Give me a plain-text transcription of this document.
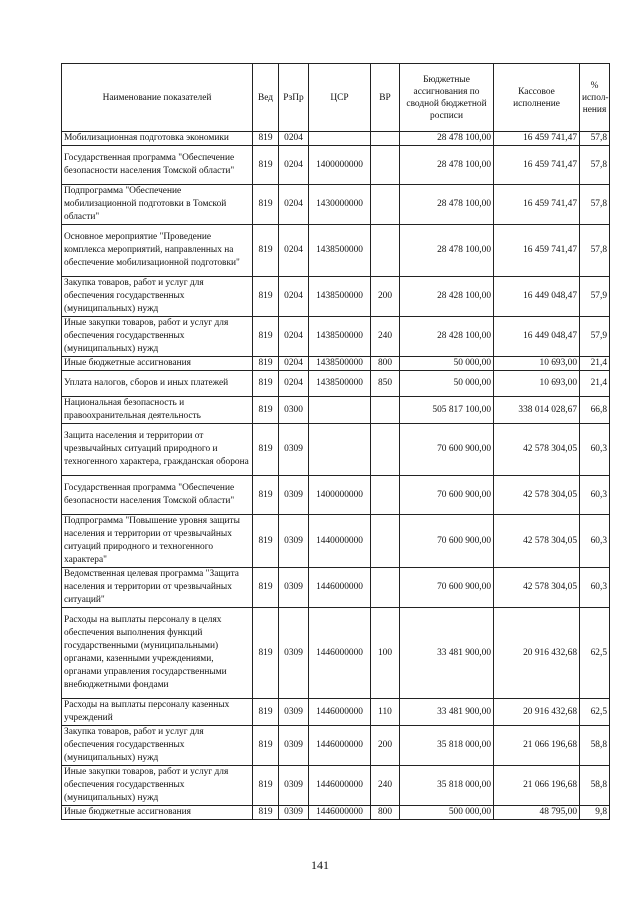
Наименование показателей	Вед	РзПр	ЦСР	ВР	Бюджетные ассигнования по сводной бюджетной росписи	Кассовое исполнение	% испол-нения
Мобилизационная подготовка экономики	819	0204			28 478 100,00	16 459 741,47	57,8
Государственная программа "Обеспечение безопасности населения Томской области"	819	0204	1400000000		28 478 100,00	16 459 741,47	57,8
Подпрограмма "Обеспечение мобилизационной подготовки в Томской области"	819	0204	1430000000		28 478 100,00	16 459 741,47	57,8
Основное мероприятие "Проведение комплекса мероприятий, направленных на обеспечение мобилизационной подготовки"	819	0204	1438500000		28 478 100,00	16 459 741,47	57,8
Закупка товаров, работ и услуг для обеспечения государственных (муниципальных) нужд	819	0204	1438500000	200	28 428 100,00	16 449 048,47	57,9
Иные закупки товаров, работ и услуг для обеспечения государственных (муниципальных) нужд	819	0204	1438500000	240	28 428 100,00	16 449 048,47	57,9
Иные бюджетные ассигнования	819	0204	1438500000	800	50 000,00	10 693,00	21,4
Уплата налогов, сборов и иных платежей	819	0204	1438500000	850	50 000,00	10 693,00	21,4
Национальная безопасность и правоохранительная деятельность	819	0300			505 817 100,00	338 014 028,67	66,8
Защита населения и территории от чрезвычайных ситуаций природного и техногенного характера, гражданская оборона	819	0309			70 600 900,00	42 578 304,05	60,3
Государственная программа "Обеспечение безопасности населения Томской области"	819	0309	1400000000		70 600 900,00	42 578 304,05	60,3
Подпрограмма "Повышение уровня защиты населения и территории от чрезвычайных ситуаций природного и техногенного характера"	819	0309	1440000000		70 600 900,00	42 578 304,05	60,3
Ведомственная целевая программа "Защита населения и территории от чрезвычайных ситуаций"	819	0309	1446000000		70 600 900,00	42 578 304,05	60,3
Расходы на выплаты персоналу в целях обеспечения выполнения функций государственными (муниципальными) органами, казенными учреждениями, органами управления государственными внебюджетными фондами	819	0309	1446000000	100	33 481 900,00	20 916 432,68	62,5
Расходы на выплаты персоналу казенных учреждений	819	0309	1446000000	110	33 481 900,00	20 916 432,68	62,5
Закупка товаров, работ и услуг для обеспечения государственных (муниципальных) нужд	819	0309	1446000000	200	35 818 000,00	21 066 196,68	58,8
Иные закупки товаров, работ и услуг для обеспечения государственных (муниципальных) нужд	819	0309	1446000000	240	35 818 000,00	21 066 196,68	58,8
Иные бюджетные ассигнования	819	0309	1446000000	800	500 000,00	48 795,00	9,8
141
